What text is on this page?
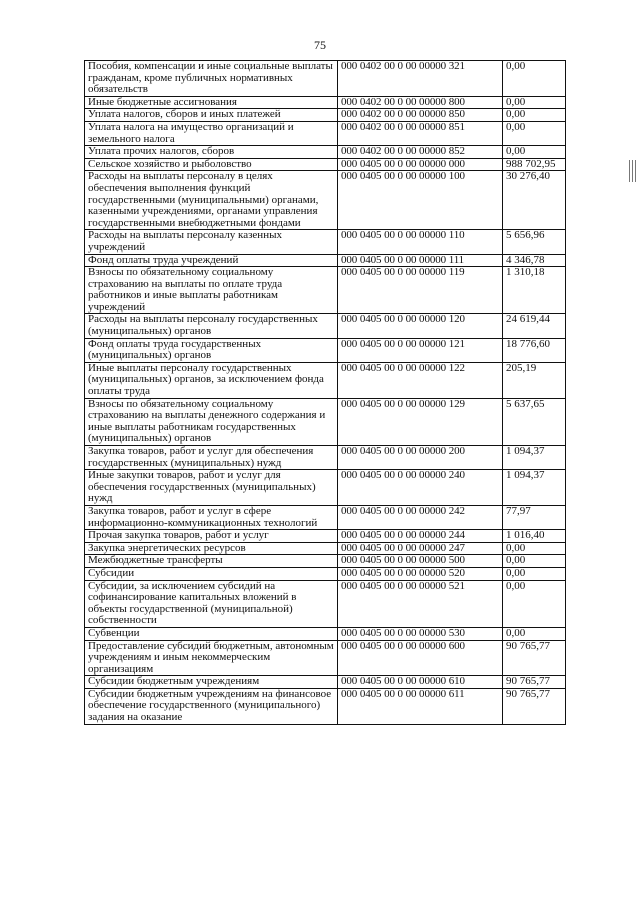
75
Пособия, компенсации и иные социальные выплаты гражданам, кроме публичных нормативных обязательств	000 0402 00 0 00 00000 321	0,00
Иные бюджетные ассигнования	000 0402 00 0 00 00000 800	0,00
Уплата налогов, сборов и иных платежей	000 0402 00 0 00 00000 850	0,00
Уплата налога на имущество организаций и земельного налога	000 0402 00 0 00 00000 851	0,00
Уплата прочих налогов, сборов	000 0402 00 0 00 00000 852	0,00
Сельское хозяйство и рыболовство	000 0405 00 0 00 00000 000	988 702,95
Расходы на выплаты персоналу в целях обеспечения выполнения функций государственными (муниципальными) органами, казенными учреждениями, органами управления государственными внебюджетными фондами	000 0405 00 0 00 00000 100	30 276,40
Расходы на выплаты персоналу казенных учреждений	000 0405 00 0 00 00000 110	5 656,96
Фонд оплаты труда учреждений	000 0405 00 0 00 00000 111	4 346,78
Взносы по обязательному социальному страхованию на выплаты по оплате труда работников и иные выплаты работникам учреждений	000 0405 00 0 00 00000 119	1 310,18
Расходы на выплаты персоналу государственных (муниципальных) органов	000 0405 00 0 00 00000 120	24 619,44
Фонд оплаты труда государственных (муниципальных) органов	000 0405 00 0 00 00000 121	18 776,60
Иные выплаты персоналу государственных (муниципальных) органов, за исключением фонда оплаты труда	000 0405 00 0 00 00000 122	205,19
Взносы по обязательному социальному страхованию на выплаты денежного содержания и иные выплаты работникам государственных (муниципальных) органов	000 0405 00 0 00 00000 129	5 637,65
Закупка товаров, работ и услуг для обеспечения государственных (муниципальных) нужд	000 0405 00 0 00 00000 200	1 094,37
Иные закупки товаров, работ и услуг для обеспечения государственных (муниципальных) нужд	000 0405 00 0 00 00000 240	1 094,37
Закупка товаров, работ и услуг в сфере информационно-коммуникационных технологий	000 0405 00 0 00 00000 242	77,97
Прочая закупка товаров, работ и услуг	000 0405 00 0 00 00000 244	1 016,40
Закупка энергетических ресурсов	000 0405 00 0 00 00000 247	0,00
Межбюджетные трансферты	000 0405 00 0 00 00000 500	0,00
Субсидии	000 0405 00 0 00 00000 520	0,00
Субсидии, за исключением субсидий на софинансирование капитальных вложений в объекты государственной (муниципальной) собственности	000 0405 00 0 00 00000 521	0,00
Субвенции	000 0405 00 0 00 00000 530	0,00
Предоставление субсидий бюджетным, автономным учреждениям и иным некоммерческим организациям	000 0405 00 0 00 00000 600	90 765,77
Субсидии бюджетным учреждениям	000 0405 00 0 00 00000 610	90 765,77
Субсидии бюджетным учреждениям на финансовое обеспечение государственного (муниципального) задания на оказание	000 0405 00 0 00 00000 611	90 765,77
